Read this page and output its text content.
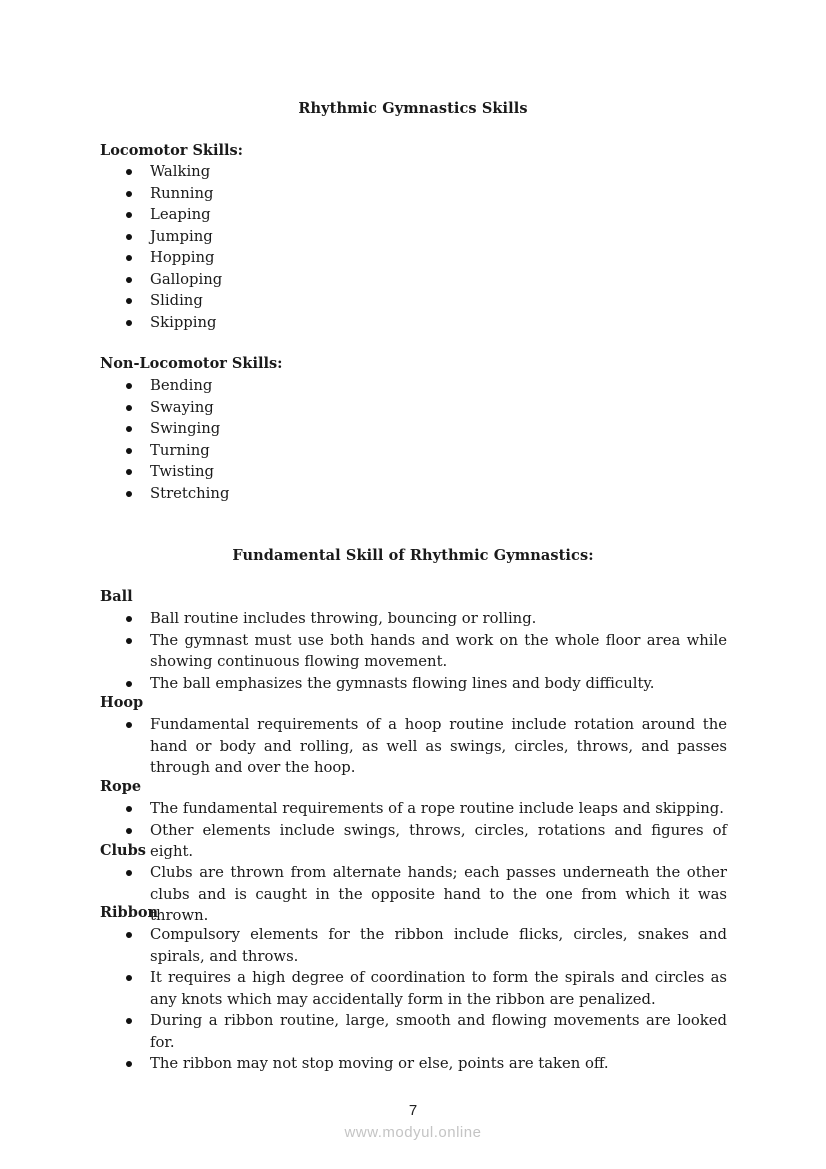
Rhythmic Gymnastics Skills
Locomotor Skills:
Walking
Running
Leaping
Jumping
Hopping
Galloping
Sliding
Skipping
Non-Locomotor Skills:
Bending
Swaying
Swinging
Turning
Twisting
Stretching
Fundamental Skill of Rhythmic Gymnastics:
Ball
Ball routine includes throwing, bouncing or rolling.
The gymnast must use both hands and work on the whole floor area while showing continuous flowing movement.
The ball emphasizes the gymnasts flowing lines and body difficulty.
Hoop
Fundamental requirements of a hoop routine include rotation around the hand or body and rolling, as well as swings, circles, throws, and passes through and over the hoop.
Rope
The fundamental requirements of a rope routine include leaps and skipping.
Other elements include swings, throws, circles, rotations and figures of eight.
Clubs
Clubs are thrown from alternate hands; each passes underneath the other clubs and is caught in the opposite hand to the one from which it was thrown.
Ribbon
Compulsory elements for the ribbon include flicks, circles, snakes and spirals, and throws.
It requires a high degree of coordination to form the spirals and circles as any knots which may accidentally form in the ribbon are penalized.
During a ribbon routine, large, smooth and flowing movements are looked for.
The ribbon may not stop moving or else, points are taken off.
7
www.modyul.online
